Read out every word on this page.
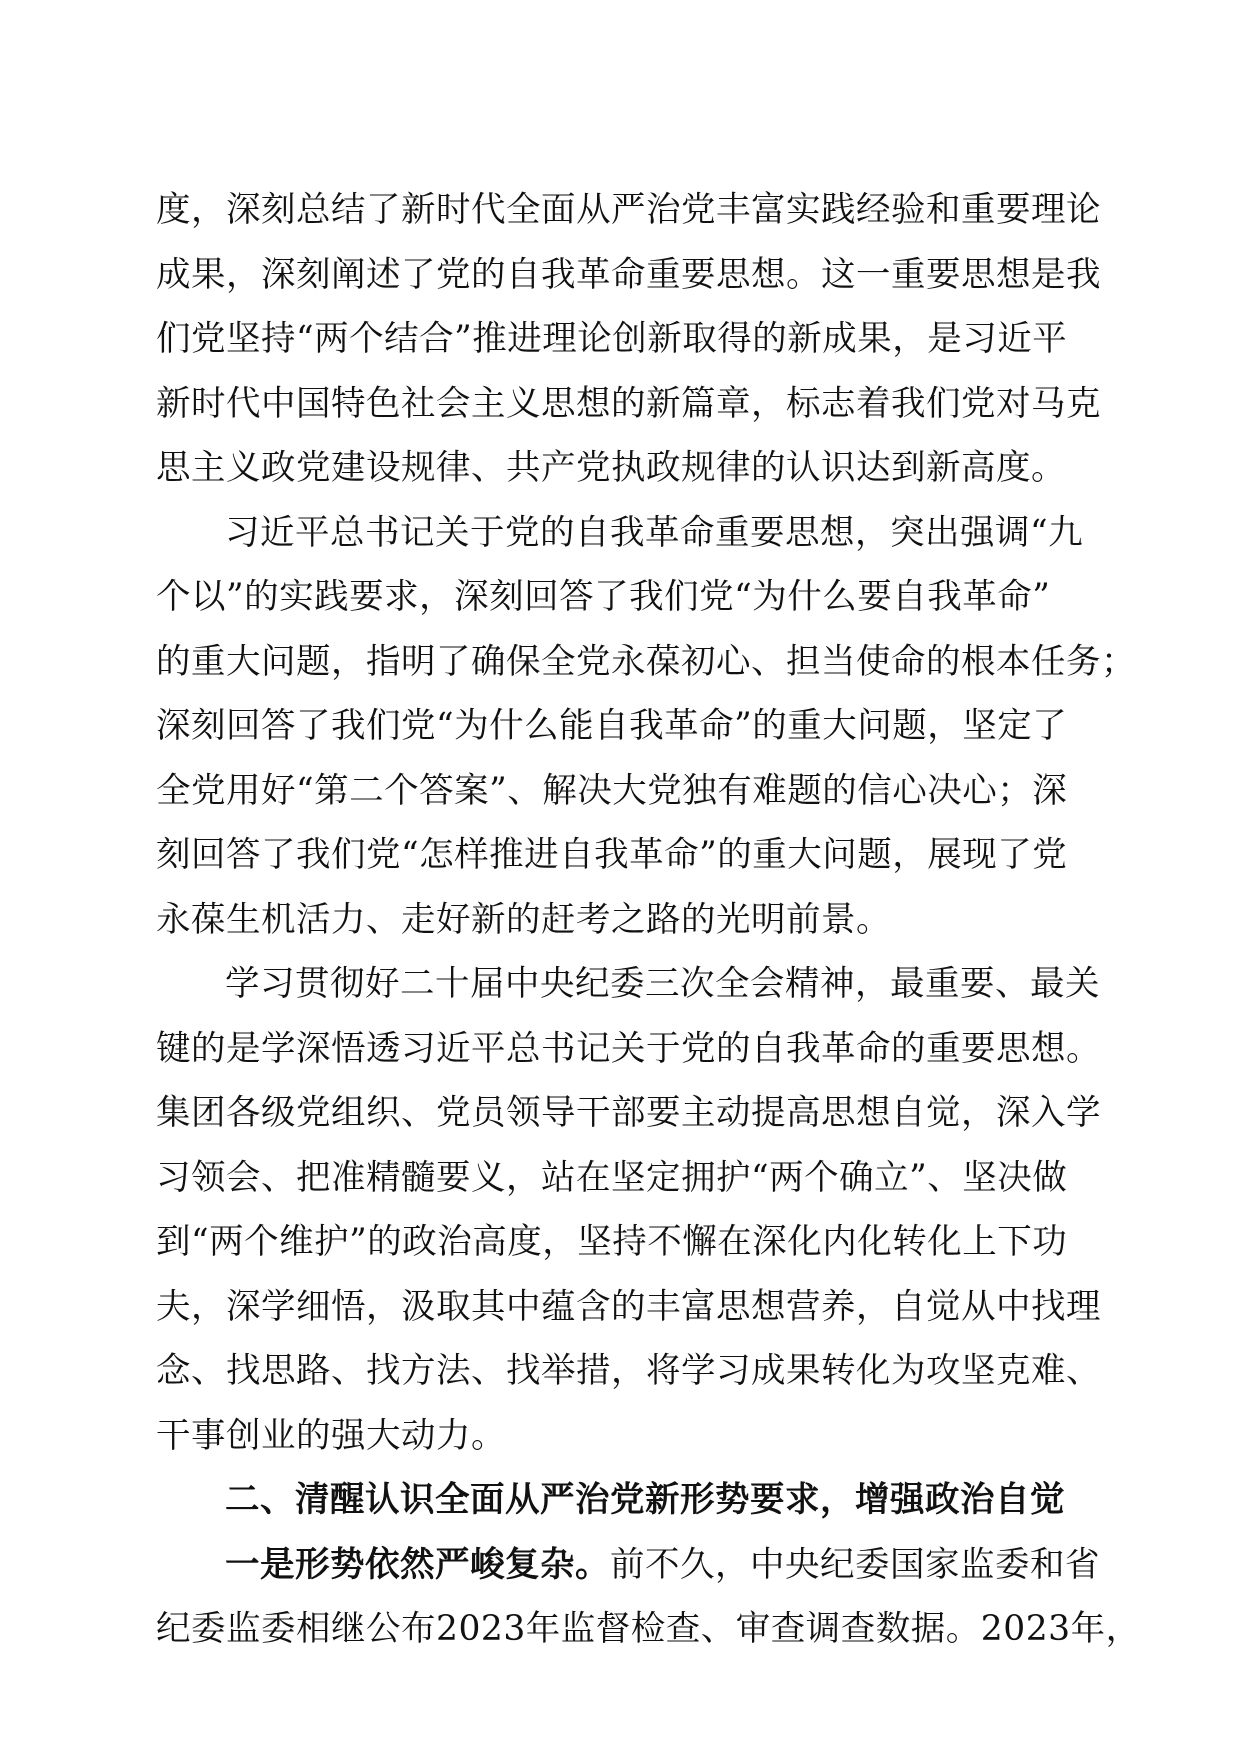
度，深刻总结了新时代全面从严治党丰富实践经验和重要理论
成果，深刻阐述了党的自我革命重要思想。这一重要思想是我
们党坚持“两个结合”推进理论创新取得的新成果，是习近平
新时代中国特色社会主义思想的新篇章，标志着我们党对马克
思主义政党建设规律、共产党执政规律的认识达到新高度。
习近平总书记关于党的自我革命重要思想，突出强调“九
个以”的实践要求，深刻回答了我们党“为什么要自我革命”
的重大问题，指明了确保全党永葆初心、担当使命的根本任务；
深刻回答了我们党“为什么能自我革命”的重大问题，坚定了
全党用好“第二个答案”、解决大党独有难题的信心决心；深
刻回答了我们党“怎样推进自我革命”的重大问题，展现了党
永葆生机活力、走好新的赶考之路的光明前景。
学习贯彻好二十届中央纪委三次全会精神，最重要、最关
键的是学深悟透习近平总书记关于党的自我革命的重要思想。
集团各级党组织、党员领导干部要主动提高思想自觉，深入学
习领会、把准精髓要义，站在坚定拥护“两个确立”、坚决做
到“两个维护”的政治高度，坚持不懈在深化内化转化上下功
夫，深学细悟，汲取其中蕴含的丰富思想营养，自觉从中找理
念、找思路、找方法、找举措，将学习成果转化为攻坚克难、
干事创业的强大动力。
二、清醒认识全面从严治党新形势要求，增强政治自觉
一是形势依然严峻复杂。前不久，中央纪委国家监委和省
纪委监委相继公布2023年监督检查、审查调查数据。2023年，
